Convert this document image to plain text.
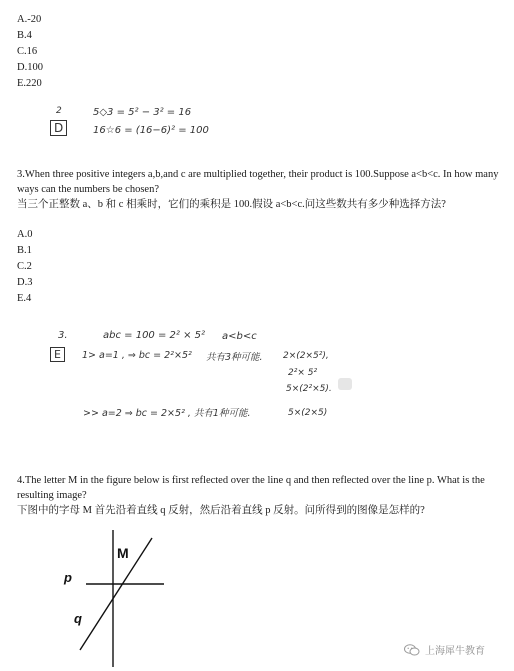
A.-20
B.4
C.16
D.100
E.220
2
D
5◇3 = 5² − 3² = 16
16☆6 = (16−6)² = 100
3.When three positive integers a,b,and c are multiplied together, their product is 100.Suppose a<b<c. In how many ways can the numbers be chosen?
当三个正整数 a、b 和 c 相乘时，它们的乘积是 100.假设 a<b<c.问这些数共有多少种选择方法?
A.0
B.1
C.2
D.3
E.4
3.	abc = 100 = 2² × 5² a<b<c
E	1> a=1 , ⇒ bc = 2²×5² 共有3种可能. 2×(2×5²),
2²× 5²
5×(2²×5).
>> a=2 ⇒ bc = 2×5² , 共有1种可能.	5×(2×5)
4.The letter M in the figure below is first reflected over the line q and then reflected over the line p. What is the resulting image?
下图中的字母 M 首先沿着直线 q 反射，然后沿着直线 p 反射。问所得到的图像是怎样的?
M
p
q
上海犀牛教育
